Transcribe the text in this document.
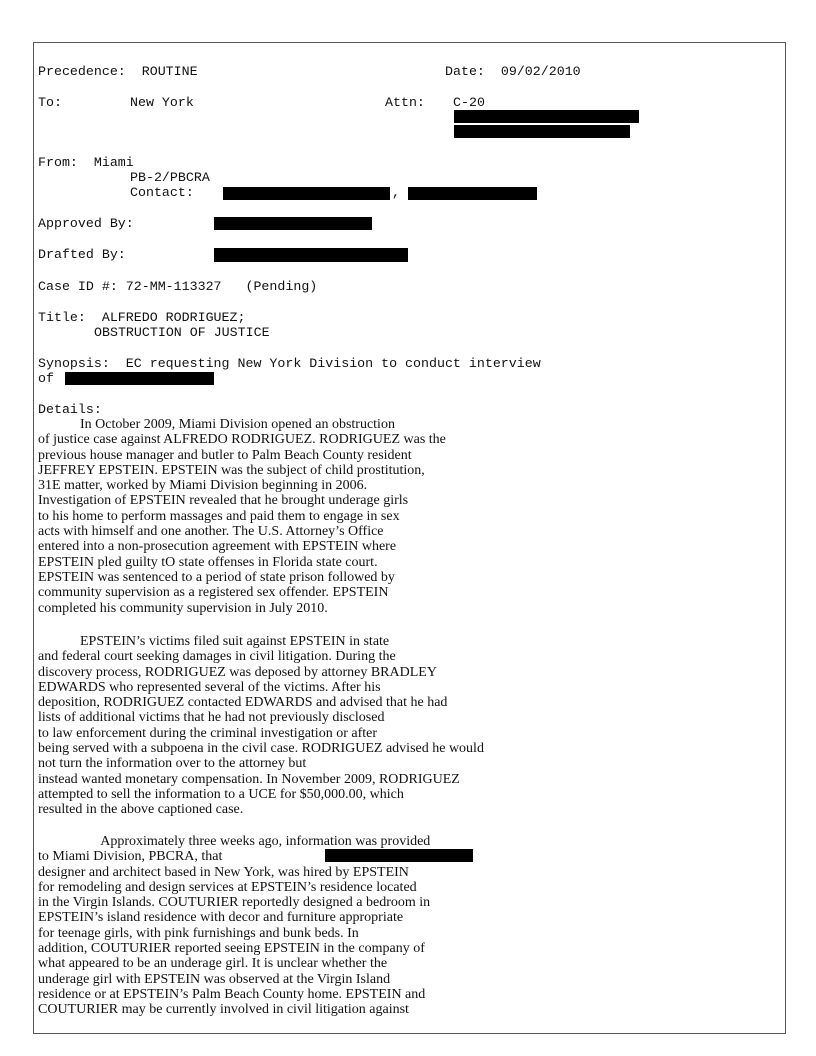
Precedence:  ROUTINE	Date:  09/02/2010
To:	New York	Attn: C-20
From:  Miami
PB-2/PBCRA
Contact:	,
Approved By:
Drafted By:
Case ID #: 72-MM-113327   (Pending)
Title:  ALFREDO RODRIGUEZ;
OBSTRUCTION OF JUSTICE
Synopsis:  EC requesting New York Division to conduct interview
of
Details:
In October 2009, Miami Division opened an obstruction
of justice case against ALFREDO RODRIGUEZ. RODRIGUEZ was the
previous house manager and butler to Palm Beach County resident
JEFFREY EPSTEIN. EPSTEIN was the subject of child prostitution,
31E matter, worked by Miami Division beginning in 2006.
Investigation of EPSTEIN revealed that he brought underage girls
to his home to perform massages and paid them to engage in sex
acts with himself and one another. The U.S. Attorney’s Office
entered into a non-prosecution agreement with EPSTEIN where
EPSTEIN pled guilty tO state offenses in Florida state court.
EPSTEIN was sentenced to a period of state prison followed by
community supervision as a registered sex offender. EPSTEIN
completed his community supervision in July 2010.
EPSTEIN’s victims filed suit against EPSTEIN in state
and federal court seeking damages in civil litigation. During the
discovery process, RODRIGUEZ was deposed by attorney BRADLEY
EDWARDS who represented several of the victims. After his
deposition, RODRIGUEZ contacted EDWARDS and advised that he had
lists of additional victims that he had not previously disclosed
to law enforcement during the criminal investigation or after
being served with a subpoena in the civil case. RODRIGUEZ advised he would
not turn the information over to the attorney but
instead wanted monetary compensation. In November 2009, RODRIGUEZ
attempted to sell the information to a UCE for $50,000.00, which
resulted in the above captioned case.
Approximately three weeks ago, information was provided
to Miami Division, PBCRA, that
designer and architect based in New York, was hired by EPSTEIN
for remodeling and design services at EPSTEIN’s residence located
in the Virgin Islands. COUTURIER reportedly designed a bedroom in
EPSTEIN’s island residence with decor and furniture appropriate
for teenage girls, with pink furnishings and bunk beds. In
addition, COUTURIER reported seeing EPSTEIN in the company of
what appeared to be an underage girl. It is unclear whether the
underage girl with EPSTEIN was observed at the Virgin Island
residence or at EPSTEIN’s Palm Beach County home. EPSTEIN and
COUTURIER may be currently involved in civil litigation against
